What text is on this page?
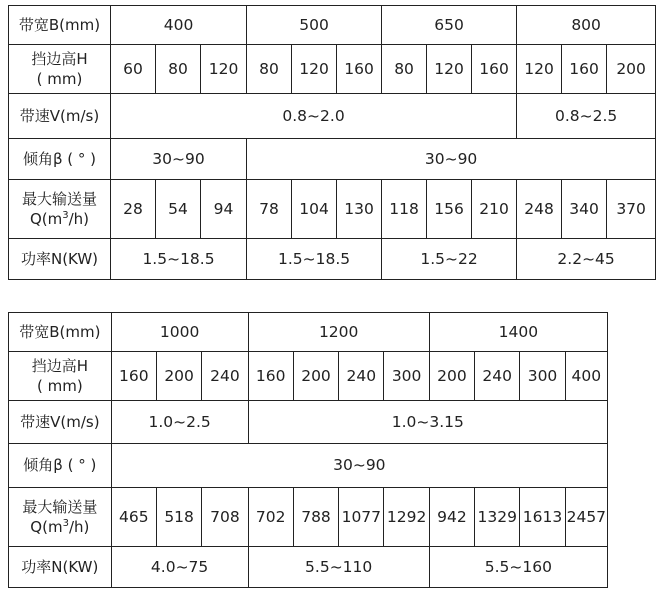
带宽B(mm)	400			500			650			800		
挡边高H
( mm)	60	80	120	80	120	160	80	120	160	120	160	200
带速V(m/s)	0.8~2.0									0.8~2.5		
倾角β ( ° )	30~90			30~90								
最大输送量
$Q(m^3/h)$	28	54	94	78	104	130	118	156	210	248	340	370
功率N(KW)	1.5~18.5			1.5~18.5			1.5~22			2.2~45		
带宽B(mm)	1000			1200				1400			
挡边高H
( mm)	160	200	240	160	200	240	300	200	240	300	400
带速V(m/s)	1.0~2.5			1.0~3.15							
倾角β ( ° )	30~90										
最大输送量
$Q(m^3/h)$	465	518	708	702	788	1077	1292	942	1329	1613	2457
功率N(KW)	4.0~75			5.5~110				5.5~160			
